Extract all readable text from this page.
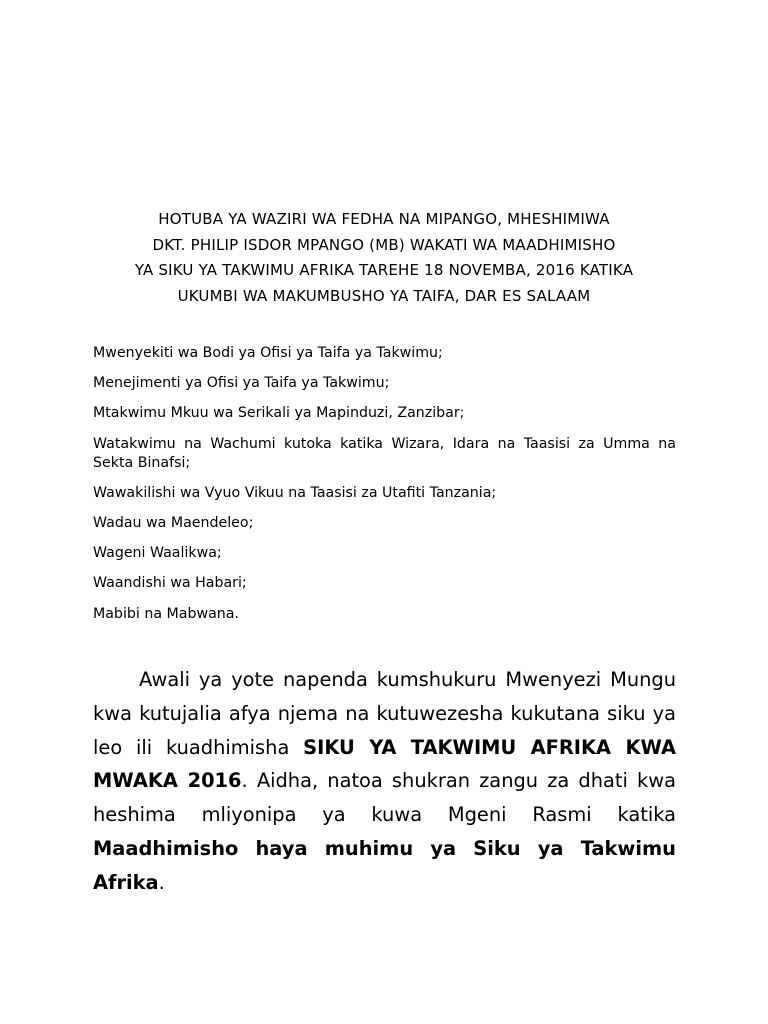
HOTUBA YA WAZIRI WA FEDHA NA MIPANGO, MHESHIMIWA
DKT. PHILIP ISDOR MPANGO (MB) WAKATI WA MAADHIMISHO
YA SIKU YA TAKWIMU AFRIKA TAREHE 18 NOVEMBA, 2016 KATIKA
UKUMBI WA MAKUMBUSHO YA TAIFA, DAR ES SALAAM

Mwenyekiti wa Bodi ya Ofisi ya Taifa ya Takwimu;

Menejimenti ya Ofisi ya Taifa ya Takwimu;

Mtakwimu Mkuu wa Serikali ya Mapinduzi, Zanzibar;

Watakwimu na Wachumi kutoka katika Wizara, Idara na Taasisi za Umma na Sekta Binafsi;

Wawakilishi wa Vyuo Vikuu na Taasisi za Utafiti Tanzania;

Wadau wa Maendeleo;

Wageni Waalikwa;

Waandishi wa Habari;

Mabibi na Mabwana.

Awali ya yote napenda kumshukuru Mwenyezi Mungu kwa kutujalia afya njema na kutuwezesha kukutana siku ya leo ili kuadhimisha SIKU YA TAKWIMU AFRIKA KWA MWAKA 2016. Aidha, natoa shukran zangu za dhati kwa heshima mliyonipa ya kuwa Mgeni Rasmi katika Maadhimisho haya muhimu ya Siku ya Takwimu Afrika.
